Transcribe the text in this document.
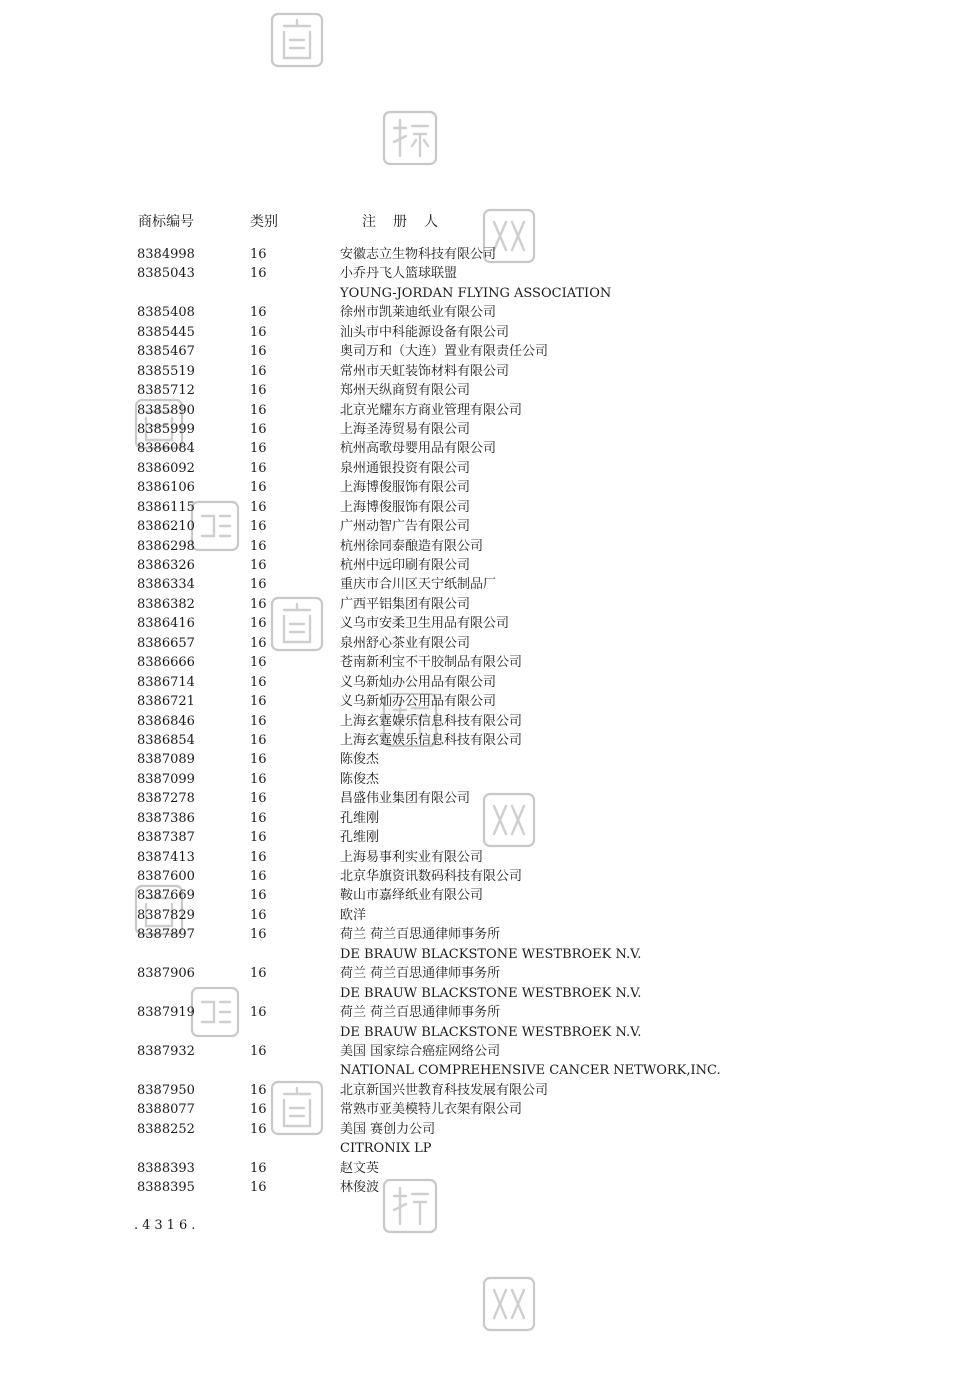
商标编号	类别	注册人
8384998	16	安徽志立生物科技有限公司
8385043	16	小乔丹飞人篮球联盟
YOUNG-JORDAN FLYING ASSOCIATION
8385408	16	徐州市凯莱迪纸业有限公司
8385445	16	汕头市中科能源设备有限公司
8385467	16	奥司万和（大连）置业有限责任公司
8385519	16	常州市天虹装饰材料有限公司
8385712	16	郑州天纵商贸有限公司
8385890	16	北京光耀东方商业管理有限公司
8385999	16	上海圣涛贸易有限公司
8386084	16	杭州高歌母婴用品有限公司
8386092	16	泉州通银投资有限公司
8386106	16	上海博俊服饰有限公司
8386115	16	上海博俊服饰有限公司
8386210	16	广州动智广告有限公司
8386298	16	杭州徐同泰酿造有限公司
8386326	16	杭州中远印刷有限公司
8386334	16	重庆市合川区天宁纸制品厂
8386382	16	广西平铝集团有限公司
8386416	16	义乌市安柔卫生用品有限公司
8386657	16	泉州舒心茶业有限公司
8386666	16	苍南新利宝不干胶制品有限公司
8386714	16	义乌新灿办公用品有限公司
8386721	16	义乌新灿办公用品有限公司
8386846	16	上海玄霆娱乐信息科技有限公司
8386854	16	上海玄霆娱乐信息科技有限公司
8387089	16	陈俊杰
8387099	16	陈俊杰
8387278	16	昌盛伟业集团有限公司
8387386	16	孔维刚
8387387	16	孔维刚
8387413	16	上海易事利实业有限公司
8387600	16	北京华旗资讯数码科技有限公司
8387669	16	鞍山市嘉绎纸业有限公司
8387829	16	欧洋
8387897	16	荷兰 荷兰百思通律师事务所
DE BRAUW BLACKSTONE WESTBROEK N.V.
8387906	16	荷兰 荷兰百思通律师事务所
DE BRAUW BLACKSTONE WESTBROEK N.V.
8387919	16	荷兰 荷兰百思通律师事务所
DE BRAUW BLACKSTONE WESTBROEK N.V.
8387932	16	美国 国家综合癌症网络公司
NATIONAL COMPREHENSIVE CANCER NETWORK,INC.
8387950	16	北京新国兴世教育科技发展有限公司
8388077	16	常熟市亚美模特儿衣架有限公司
8388252	16	美国 赛创力公司
CITRONIX LP
8388393	16	赵文英
8388395	16	林俊波
.4316.
